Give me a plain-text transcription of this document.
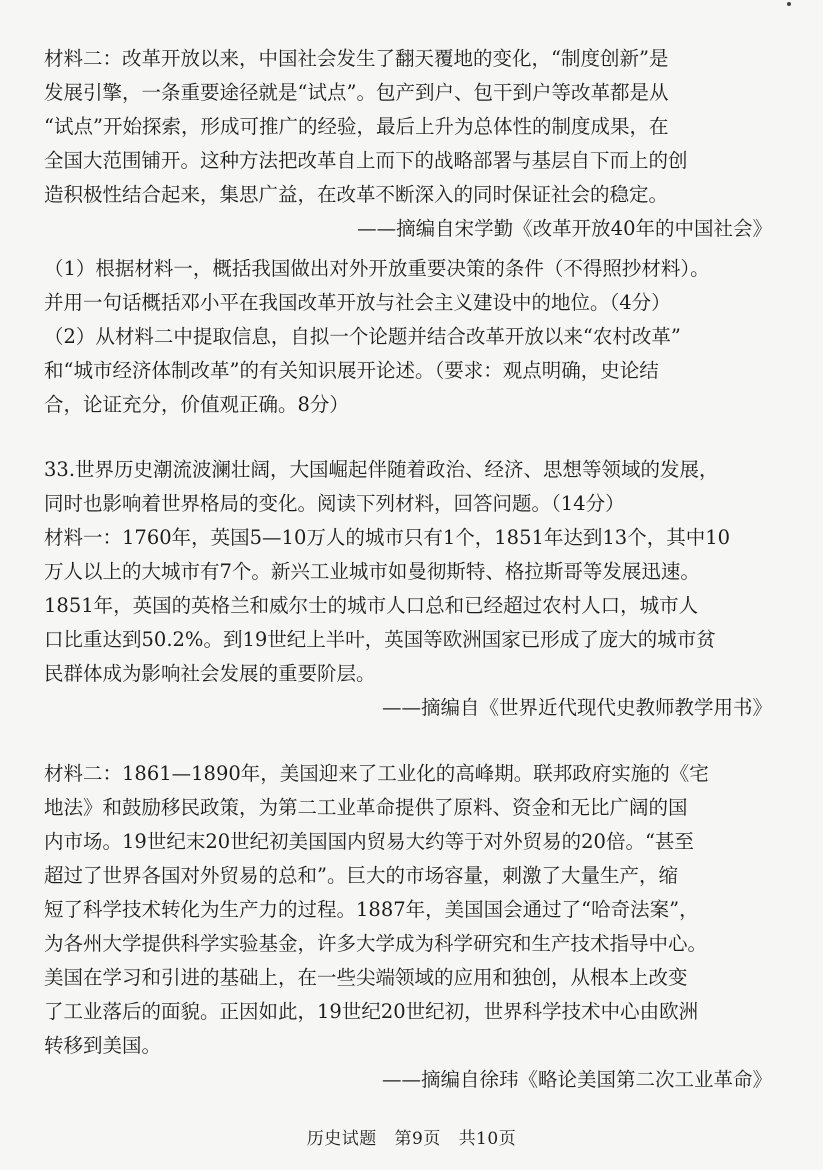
材料二：改革开放以来，中国社会发生了翻天覆地的变化，“制度创新”是
发展引擎，一条重要途径就是“试点”。包产到户、包干到户等改革都是从
“试点”开始探索，形成可推广的经验，最后上升为总体性的制度成果，在
全国大范围铺开。这种方法把改革自上而下的战略部署与基层自下而上的创
造积极性结合起来，集思广益，在改革不断深入的同时保证社会的稳定。
——摘编自宋学勤《改革开放40年的中国社会》
（1）根据材料一，概括我国做出对外开放重要决策的条件（不得照抄材料）。
并用一句话概括邓小平在我国改革开放与社会主义建设中的地位。（4分）
（2）从材料二中提取信息，自拟一个论题并结合改革开放以来“农村改革”
和“城市经济体制改革”的有关知识展开论述。（要求：观点明确，史论结
合，论证充分，价值观正确。8分）
33.世界历史潮流波澜壮阔，大国崛起伴随着政治、经济、思想等领域的发展，
同时也影响着世界格局的变化。阅读下列材料，回答问题。（14分）
材料一：1760年，英国5—10万人的城市只有1个，1851年达到13个，其中10
万人以上的大城市有7个。新兴工业城市如曼彻斯特、格拉斯哥等发展迅速。
1851年，英国的英格兰和威尔士的城市人口总和已经超过农村人口，城市人
口比重达到50.2%。到19世纪上半叶，英国等欧洲国家已形成了庞大的城市贫
民群体成为影响社会发展的重要阶层。
——摘编自《世界近代现代史教师教学用书》
材料二：1861—1890年，美国迎来了工业化的高峰期。联邦政府实施的《宅
地法》和鼓励移民政策，为第二工业革命提供了原料、资金和无比广阔的国
内市场。19世纪末20世纪初美国国内贸易大约等于对外贸易的20倍。“甚至
超过了世界各国对外贸易的总和”。巨大的市场容量，刺激了大量生产，缩
短了科学技术转化为生产力的过程。1887年，美国国会通过了“哈奇法案”，
为各州大学提供科学实验基金，许多大学成为科学研究和生产技术指导中心。
美国在学习和引进的基础上，在一些尖端领域的应用和独创，从根本上改变
了工业落后的面貌。正因如此，19世纪20世纪初，世界科学技术中心由欧洲
转移到美国。
——摘编自徐玮《略论美国第二次工业革命》
历史试题 第9页 共10页
